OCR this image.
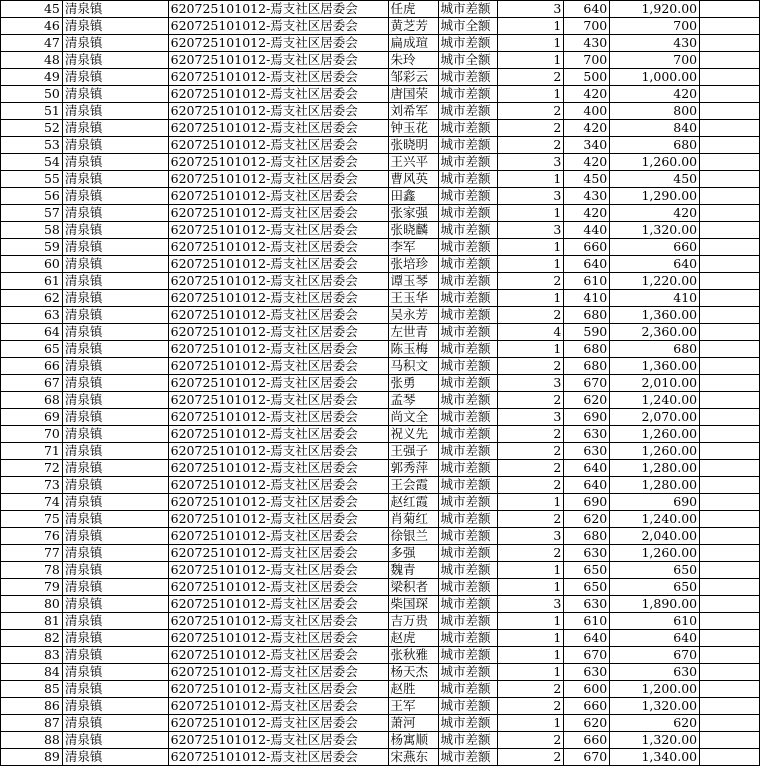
45	清泉镇	620725101012-焉支社区居委会	任虎	城市差额	3	640	1,920.00	
46	清泉镇	620725101012-焉支社区居委会	黄芝芳	城市全额	1	700	700	
47	清泉镇	620725101012-焉支社区居委会	扁成瑄	城市差额	1	430	430	
48	清泉镇	620725101012-焉支社区居委会	朱玲	城市全额	1	700	700	
49	清泉镇	620725101012-焉支社区居委会	邹彩云	城市差额	2	500	1,000.00	
50	清泉镇	620725101012-焉支社区居委会	唐国荣	城市差额	1	420	420	
51	清泉镇	620725101012-焉支社区居委会	刘希军	城市差额	2	400	800	
52	清泉镇	620725101012-焉支社区居委会	钟玉花	城市差额	2	420	840	
53	清泉镇	620725101012-焉支社区居委会	张晓明	城市差额	2	340	680	
54	清泉镇	620725101012-焉支社区居委会	王兴平	城市差额	3	420	1,260.00	
55	清泉镇	620725101012-焉支社区居委会	曹风英	城市差额	1	450	450	
56	清泉镇	620725101012-焉支社区居委会	田鑫	城市差额	3	430	1,290.00	
57	清泉镇	620725101012-焉支社区居委会	张家强	城市差额	1	420	420	
58	清泉镇	620725101012-焉支社区居委会	张晓麟	城市差额	3	440	1,320.00	
59	清泉镇	620725101012-焉支社区居委会	李军	城市差额	1	660	660	
60	清泉镇	620725101012-焉支社区居委会	张培珍	城市差额	1	640	640	
61	清泉镇	620725101012-焉支社区居委会	谭玉琴	城市差额	2	610	1,220.00	
62	清泉镇	620725101012-焉支社区居委会	王玉华	城市差额	1	410	410	
63	清泉镇	620725101012-焉支社区居委会	吴永芳	城市差额	2	680	1,360.00	
64	清泉镇	620725101012-焉支社区居委会	左世青	城市差额	4	590	2,360.00	
65	清泉镇	620725101012-焉支社区居委会	陈玉梅	城市差额	1	680	680	
66	清泉镇	620725101012-焉支社区居委会	马积文	城市差额	2	680	1,360.00	
67	清泉镇	620725101012-焉支社区居委会	张勇	城市差额	3	670	2,010.00	
68	清泉镇	620725101012-焉支社区居委会	孟琴	城市差额	2	620	1,240.00	
69	清泉镇	620725101012-焉支社区居委会	尚文全	城市差额	3	690	2,070.00	
70	清泉镇	620725101012-焉支社区居委会	祝义先	城市差额	2	630	1,260.00	
71	清泉镇	620725101012-焉支社区居委会	王强子	城市差额	2	630	1,260.00	
72	清泉镇	620725101012-焉支社区居委会	郭秀萍	城市差额	2	640	1,280.00	
73	清泉镇	620725101012-焉支社区居委会	王会霞	城市差额	2	640	1,280.00	
74	清泉镇	620725101012-焉支社区居委会	赵红霞	城市差额	1	690	690	
75	清泉镇	620725101012-焉支社区居委会	肖菊红	城市差额	2	620	1,240.00	
76	清泉镇	620725101012-焉支社区居委会	徐银兰	城市差额	3	680	2,040.00	
77	清泉镇	620725101012-焉支社区居委会	多强	城市差额	2	630	1,260.00	
78	清泉镇	620725101012-焉支社区居委会	魏青	城市差额	1	650	650	
79	清泉镇	620725101012-焉支社区居委会	梁积者	城市差额	1	650	650	
80	清泉镇	620725101012-焉支社区居委会	柴国琛	城市差额	3	630	1,890.00	
81	清泉镇	620725101012-焉支社区居委会	吉万贵	城市差额	1	610	610	
82	清泉镇	620725101012-焉支社区居委会	赵虎	城市差额	1	640	640	
83	清泉镇	620725101012-焉支社区居委会	张秋雅	城市差额	1	670	670	
84	清泉镇	620725101012-焉支社区居委会	杨天杰	城市差额	1	630	630	
85	清泉镇	620725101012-焉支社区居委会	赵胜	城市差额	2	600	1,200.00	
86	清泉镇	620725101012-焉支社区居委会	王军	城市差额	2	660	1,320.00	
87	清泉镇	620725101012-焉支社区居委会	萧河	城市差额	1	620	620	
88	清泉镇	620725101012-焉支社区居委会	杨寓顺	城市差额	2	660	1,320.00	
89	清泉镇	620725101012-焉支社区居委会	宋燕东	城市差额	2	670	1,340.00	
